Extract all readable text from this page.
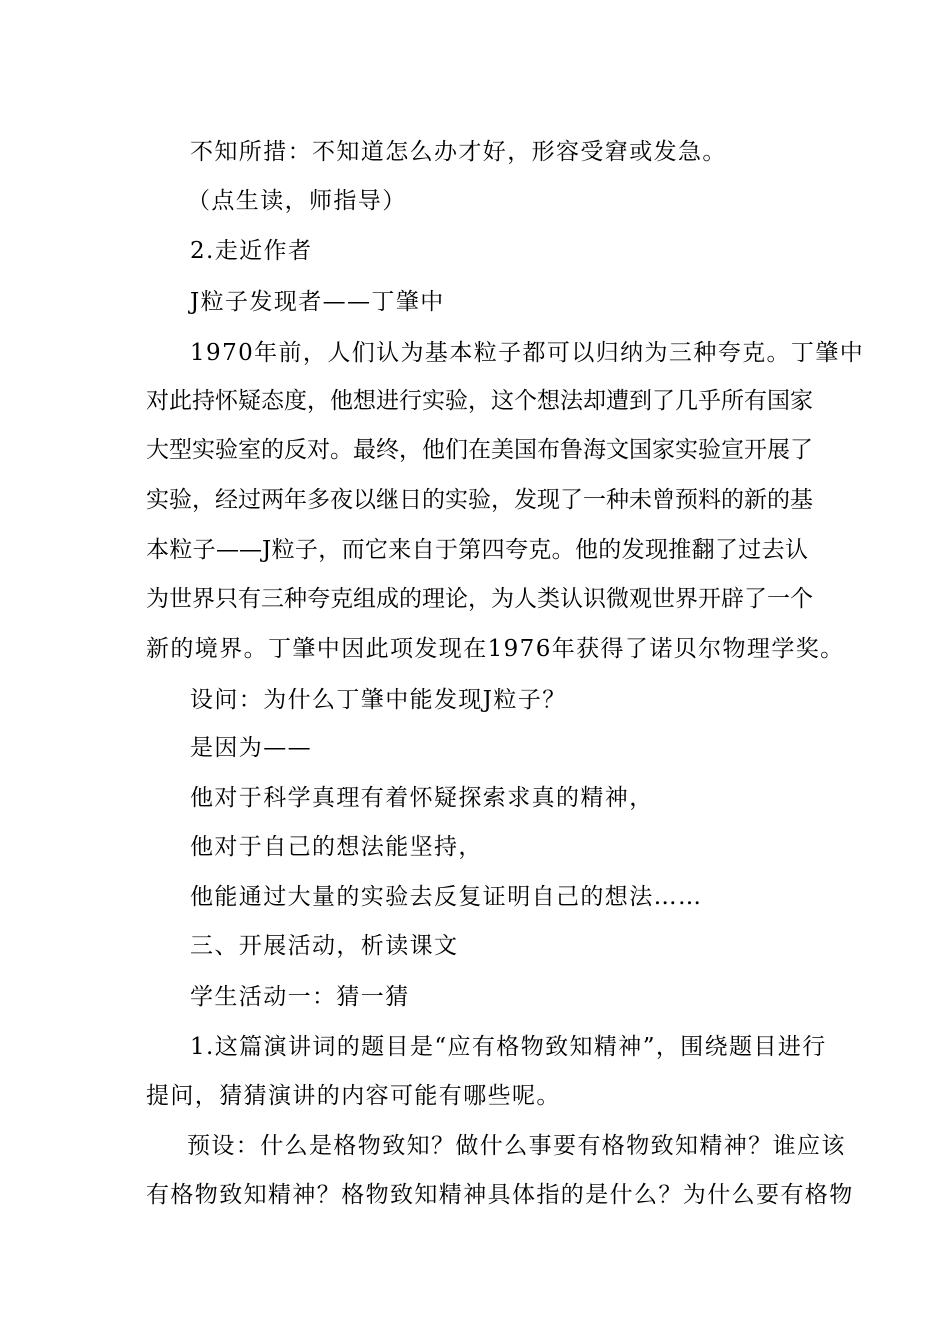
不知所措：不知道怎么办才好，形容受窘或发急。
（点生读，师指导）
2.走近作者
J粒子发现者——丁肇中
1970年前，人们认为基本粒子都可以归纳为三种夸克。丁肇中
对此持怀疑态度，他想进行实验，这个想法却遭到了几乎所有国家
大型实验室的反对。最终，他们在美国布鲁海文国家实验宣开展了
实验，经过两年多夜以继日的实验，发现了一种未曾预料的新的基
本粒子——J粒子，而它来自于第四夸克。他的发现推翻了过去认
为世界只有三种夸克组成的理论，为人类认识微观世界开辟了一个
新的境界。丁肇中因此项发现在1976年获得了诺贝尔物理学奖。
设问：为什么丁肇中能发现J粒子？
是因为——
他对于科学真理有着怀疑探索求真的精神，
他对于自己的想法能坚持，
他能通过大量的实验去反复证明自己的想法……
三、开展活动，析读课文
学生活动一：猜一猜
1.这篇演讲词的题目是“应有格物致知精神”，围绕题目进行
提问，猜猜演讲的内容可能有哪些呢。
预设：什么是格物致知？做什么事要有格物致知精神？谁应该
有格物致知精神？格物致知精神具体指的是什么？为什么要有格物
